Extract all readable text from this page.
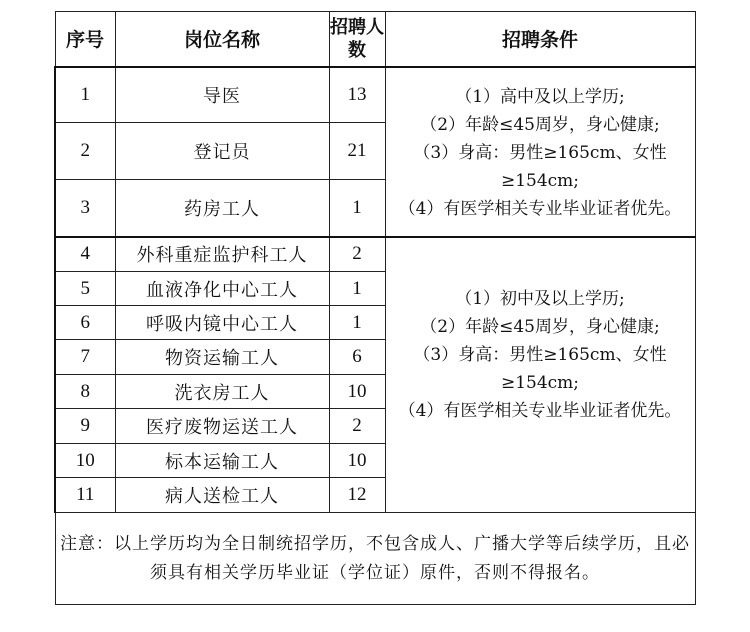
序号	岗位名称	招聘人数	招聘条件
1	导医	13	（1）高中及以上学历;
（2）年龄≤45周岁，身心健康;
（3）身高：男性≥165cm、女性≥154cm;
（4）有医学相关专业毕业证者优先。

2	登记员	21	
3	药房工人	1	
4	外科重症监护科工人	2	（1）初中及以上学历;
（2）年龄≤45周岁，身心健康;
（3）身高：男性≥165cm、女性≥154cm;
（4）有医学相关专业毕业证者优先。

5	血液净化中心工人	1	
6	呼吸内镜中心工人	1	
7	物资运输工人	6	
8	洗衣房工人	10	
9	医疗废物运送工人	2	
10	标本运输工人	10	
11	病人送检工人	12	
注意：以上学历均为全日制统招学历，不包含成人、广播大学等后续学历，且必须具有相关学历毕业证（学位证）原件，否则不得报名。			
